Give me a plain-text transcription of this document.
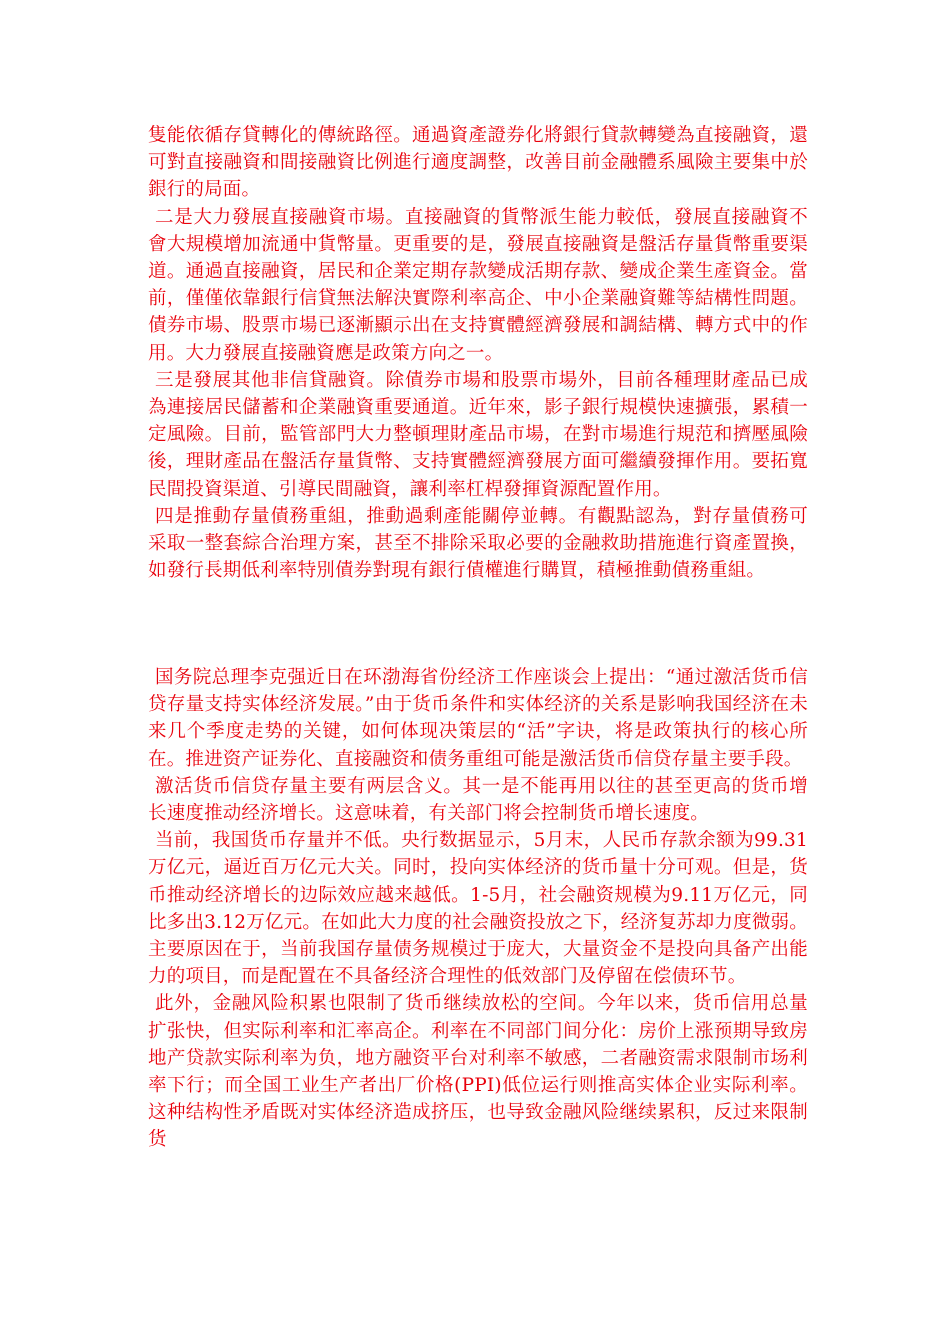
隻能依循存貸轉化的傳統路徑。通過資產證券化將銀行貸款轉變為直接融資，還可對直接融資和間接融資比例進行適度調整，改善目前金融體系風險主要集中於銀行的局面。

二是大力發展直接融資市場。直接融資的貨幣派生能力較低，發展直接融資不會大規模增加流通中貨幣量。更重要的是，發展直接融資是盤活存量貨幣重要渠道。通過直接融資，居民和企業定期存款變成活期存款、變成企業生產資金。當前，僅僅依靠銀行信貸無法解決實際利率高企、中小企業融資難等結構性問題。債券市場、股票市場已逐漸顯示出在支持實體經濟發展和調結構、轉方式中的作用。大力發展直接融資應是政策方向之一。

三是發展其他非信貸融資。除債券市場和股票市場外，目前各種理財產品已成為連接居民儲蓄和企業融資重要通道。近年來，影子銀行規模快速擴張，累積一定風險。目前，監管部門大力整頓理財產品市場，在對市場進行規范和擠壓風險後，理財產品在盤活存量貨幣、支持實體經濟發展方面可繼續發揮作用。要拓寬民間投資渠道、引導民間融資，讓利率杠桿發揮資源配置作用。

四是推動存量債務重組，推動過剩產能關停並轉。有觀點認為，對存量債務可采取一整套綜合治理方案，甚至不排除采取必要的金融救助措施進行資產置換，如發行長期低利率特別債券對現有銀行債權進行購買，積極推動債務重組。

国务院总理李克强近日在环渤海省份经济工作座谈会上提出：“通过激活货币信贷存量支持实体经济发展。”由于货币条件和实体经济的关系是影响我国经济在未来几个季度走势的关键，如何体现决策层的“活”字诀，将是政策执行的核心所在。推进资产证券化、直接融资和债务重组可能是激活货币信贷存量主要手段。

激活货币信贷存量主要有两层含义。其一是不能再用以往的甚至更高的货币增长速度推动经济增长。这意味着，有关部门将会控制货币增长速度。

当前，我国货币存量并不低。央行数据显示，5月末，人民币存款余额为99.31万亿元，逼近百万亿元大关。同时，投向实体经济的货币量十分可观。但是，货币推动经济增长的边际效应越来越低。1-5月，社会融资规模为9.11万亿元，同比多出3.12万亿元。在如此大力度的社会融资投放之下，经济复苏却力度微弱。主要原因在于，当前我国存量债务规模过于庞大，大量资金不是投向具备产出能力的项目，而是配置在不具备经济合理性的低效部门及停留在偿债环节。

此外，金融风险积累也限制了货币继续放松的空间。今年以来，货币信用总量扩张快，但实际利率和汇率高企。利率在不同部门间分化：房价上涨预期导致房地产贷款实际利率为负，地方融资平台对利率不敏感，二者融资需求限制市场利率下行；而全国工业生产者出厂价格(PPI)低位运行则推高实体企业实际利率。这种结构性矛盾既对实体经济造成挤压，也导致金融风险继续累积，反过来限制货
